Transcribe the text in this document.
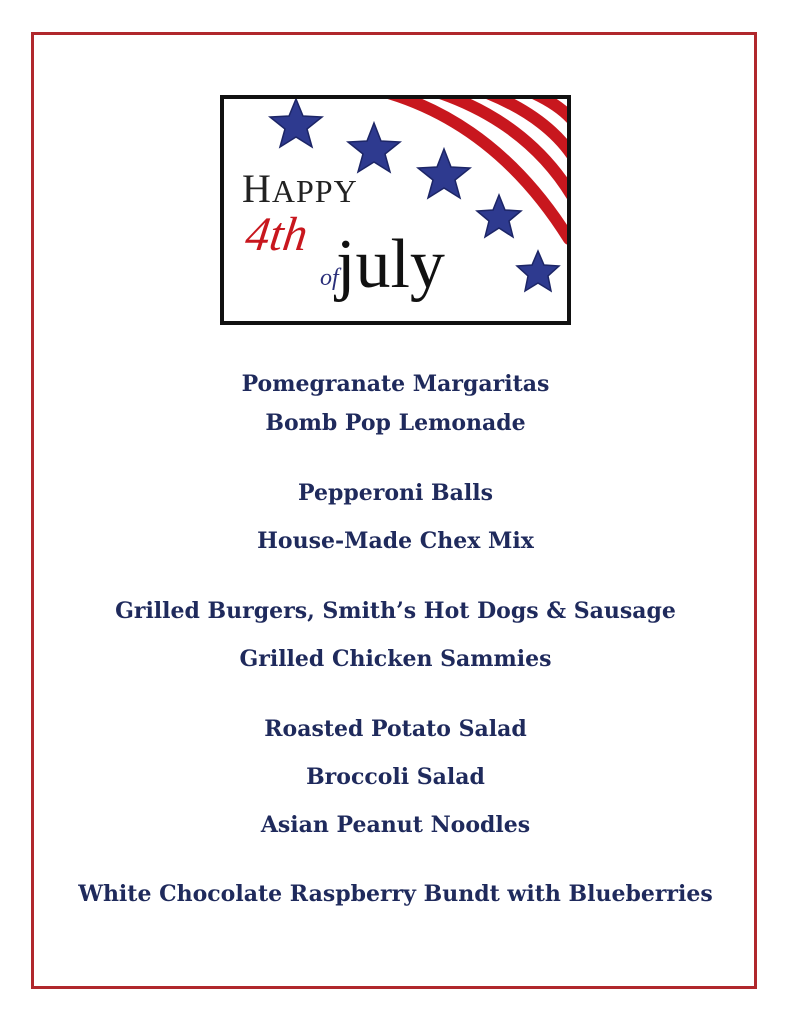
HAPPY
4th
of
july
Pomegranate Margaritas
Bomb Pop Lemonade
Pepperoni Balls
House-Made Chex Mix
Grilled Burgers, Smith’s Hot Dogs & Sausage
Grilled Chicken Sammies
Roasted Potato Salad
Broccoli Salad
Asian Peanut Noodles
White Chocolate Raspberry Bundt with Blueberries
